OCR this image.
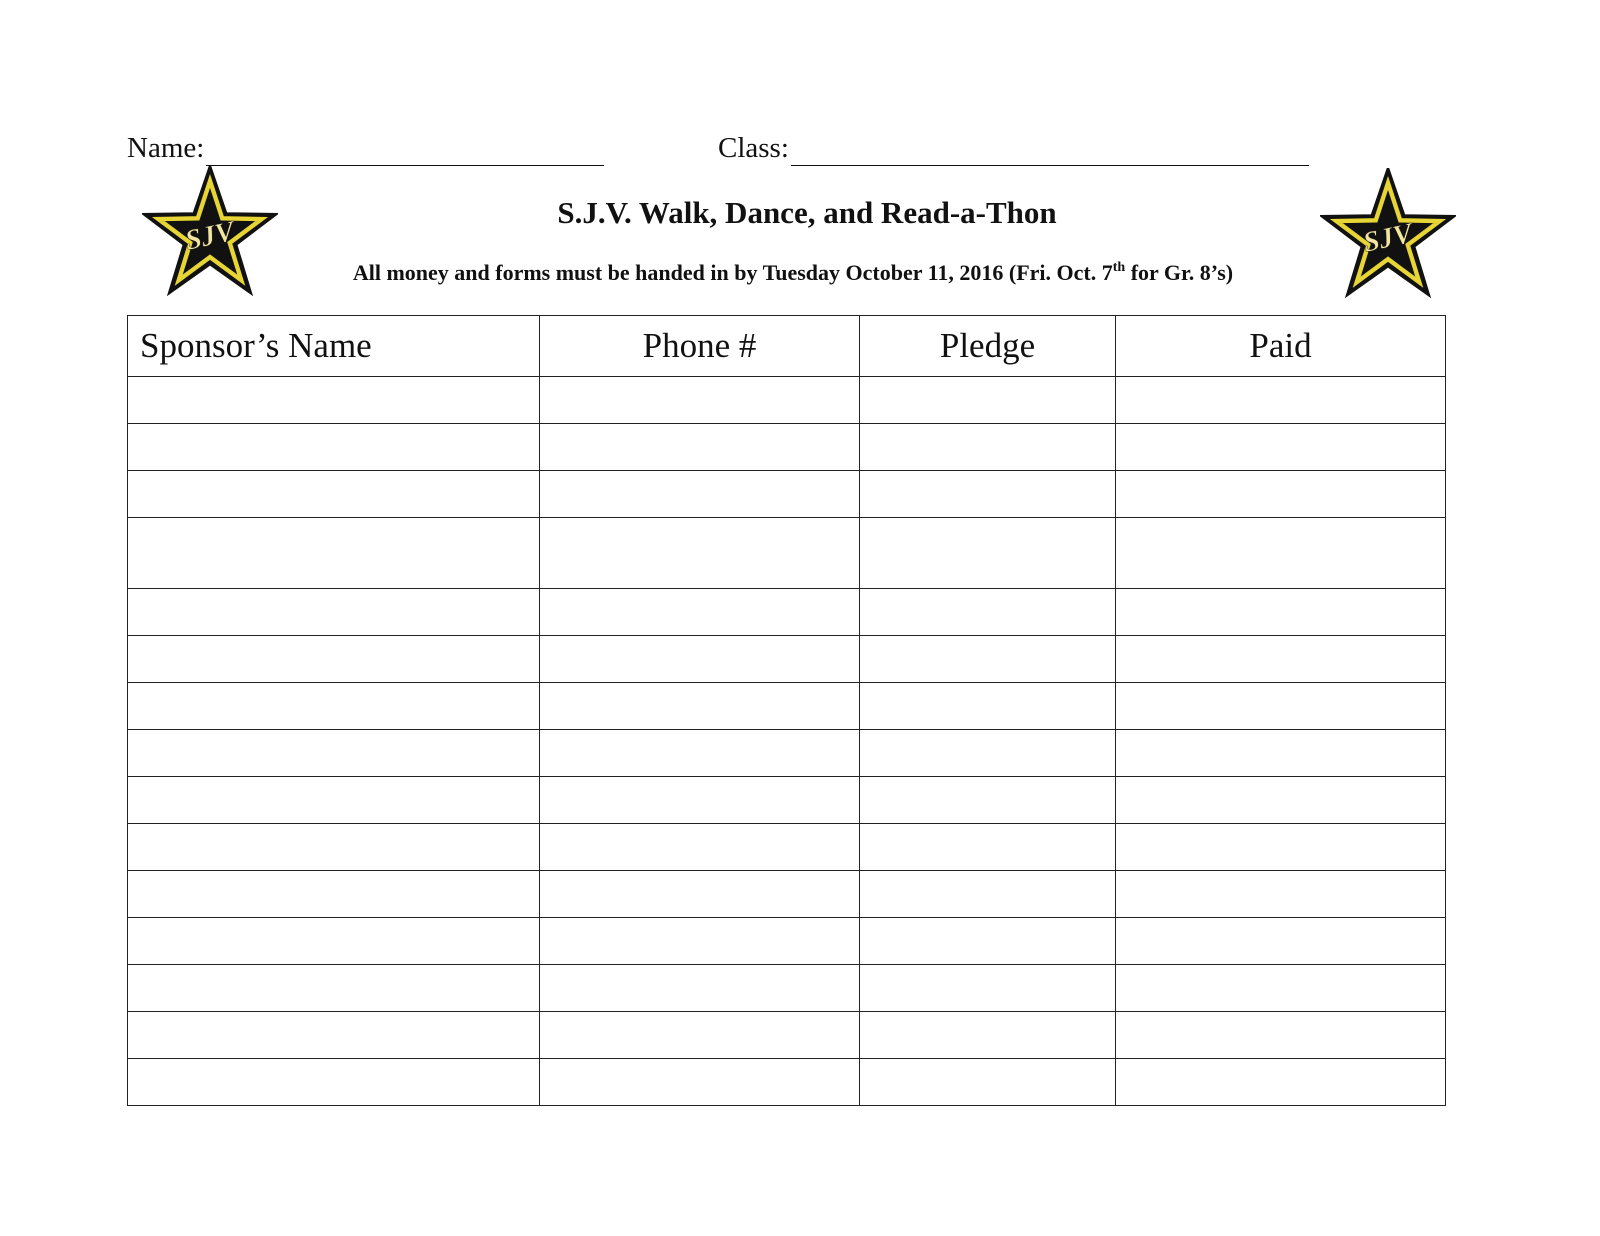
Name:	Class:
SJV	SJV
S.J.V. Walk, Dance, and Read-a-Thon
All money and forms must be handed in by Tuesday October 11, 2016 (Fri. Oct. 7th for Gr. 8’s)
Sponsor’s Name	Phone #	Pledge	Paid
